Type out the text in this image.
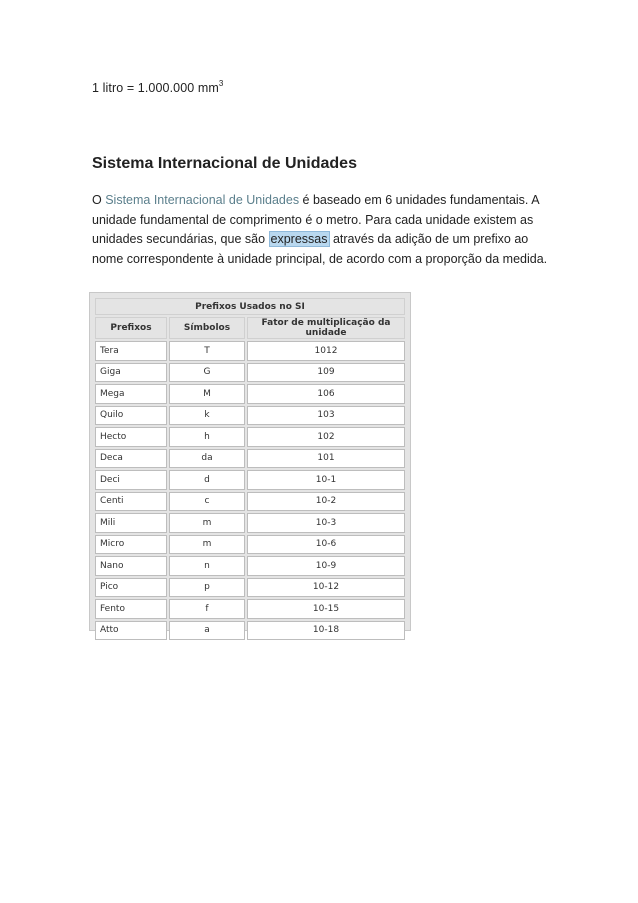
1 litro = 1.000.000 $mm^3$
Sistema Internacional de Unidades
O Sistema Internacional de Unidades é baseado em 6 unidades fundamentais. A unidade fundamental de comprimento é o metro. Para cada unidade existem as unidades secundárias, que são expressas através da adição de um prefixo ao nome correspondente à unidade principal, de acordo com a proporção da medida.
Prefixos Usados no SI		
Prefixos	Símbolos	Fator de multiplicação da unidade
Tera	T	1012
Giga	G	109
Mega	M	106
Quilo	k	103
Hecto	h	102
Deca	da	101
Deci	d	10-1
Centi	c	10-2
Mili	m	10-3
Micro	m	10-6
Nano	n	10-9
Pico	p	10-12
Fento	f	10-15
Atto	a	10-18
